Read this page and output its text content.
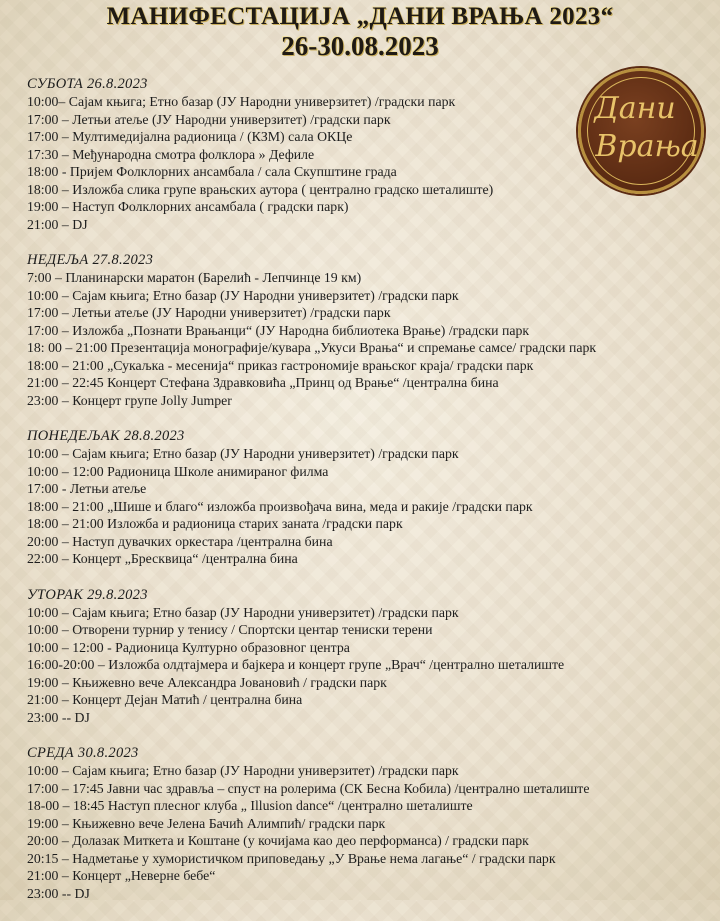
МАНИФЕСТАЦИЈА „ДАНИ ВРАЊА 2023“
26-30.08.2023
Дани
Врања
СУБОТА 26.8.2023
10:00– Сајам књига; Етно базар (ЈУ Народни универзитет) /градски парк
17:00 – Летњи атеље (ЈУ Народни универзитет) /градски парк
17:00 – Мултимедијална радионица / (КЗМ) сала ОКЦе
17:30 – Међународна смотра фолклора » Дефиле
18:00 - Пријем Фолклорних ансамбала / сала Скупштине града
18:00 – Изложба слика групе врањских аутора ( централно градско шеталиште)
19:00 – Наступ Фолклорних ансамбала ( градски парк)
21:00 – DJ
НЕДЕЉА 27.8.2023
7:00 – Планинарски маратон (Барелић - Лепчинце 19 км)
10:00 – Сајам књига; Етно базар (ЈУ Народни универзитет) /градски парк
17:00 – Летњи атеље (ЈУ Народни универзитет) /градски парк
17:00 – Изложба „Познати Врањанци“ (ЈУ Народна библиотека Врање) /градски парк
18: 00 – 21:00 Презентација монографије/кувара „Укуси Врања“ и спремање самсе/ градски парк
18:00 – 21:00 „Сукаљка - месенија“ приказ гастрономије врањског краја/ градски парк
21:00 – 22:45 Концерт Стефана Здравковића „Принц од Врање“ /централна бина
23:00 – Концерт групе Jolly Jumper
ПОНЕДЕЉАК 28.8.2023
10:00 – Сајам књига; Етно базар (ЈУ Народни универзитет) /градски парк
10:00 – 12:00 Радионица Школе анимираног филма
17:00 - Летњи атеље
18:00 – 21:00 „Шише и благо“ изложба произвођача вина, меда и ракије /градски парк
18:00 – 21:00 Изложба и радионица старих заната /градски парк
20:00 – Наступ дувачких оркестара /централна бина
22:00 – Концерт „Бресквица“ /централна бина
УТОРАК 29.8.2023
10:00 – Сајам књига; Етно базар (ЈУ Народни универзитет) /градски парк
10:00 – Отворени турнир у тенису / Спортски центар тениски терени
10:00 – 12:00 - Радионица Културно образовног центра
16:00-20:00 – Изложба олдтајмера и бајкера и концерт групе „Врач“ /централно шеталиште
19:00 – Књижевно вече Александра Јовановић / градски парк
21:00 – Концерт Дејан Матић / централна бина
23:00 -- DJ
СРЕДА 30.8.2023
10:00 – Сајам књига; Етно базар (ЈУ Народни универзитет) /градски парк
17:00 – 17:45 Јавни час здравља – спуст на ролерима (СК Бесна Кобила) /централно шеталиште
18-00 – 18:45 Наступ плесног клуба „ Illusion dance“ /централно шеталиште
19:00 – Књижевно вече Јелена Бачић Алимпић/ градски парк
20:00 – Долазак Миткета и Коштане (у кочијама као део перформанса) / градски парк
20:15 – Надметање у хумористичком приповедању „У Врање нема лагање“ / градски парк
21:00 – Концерт „Неверне бебе“
23:00 -- DJ
